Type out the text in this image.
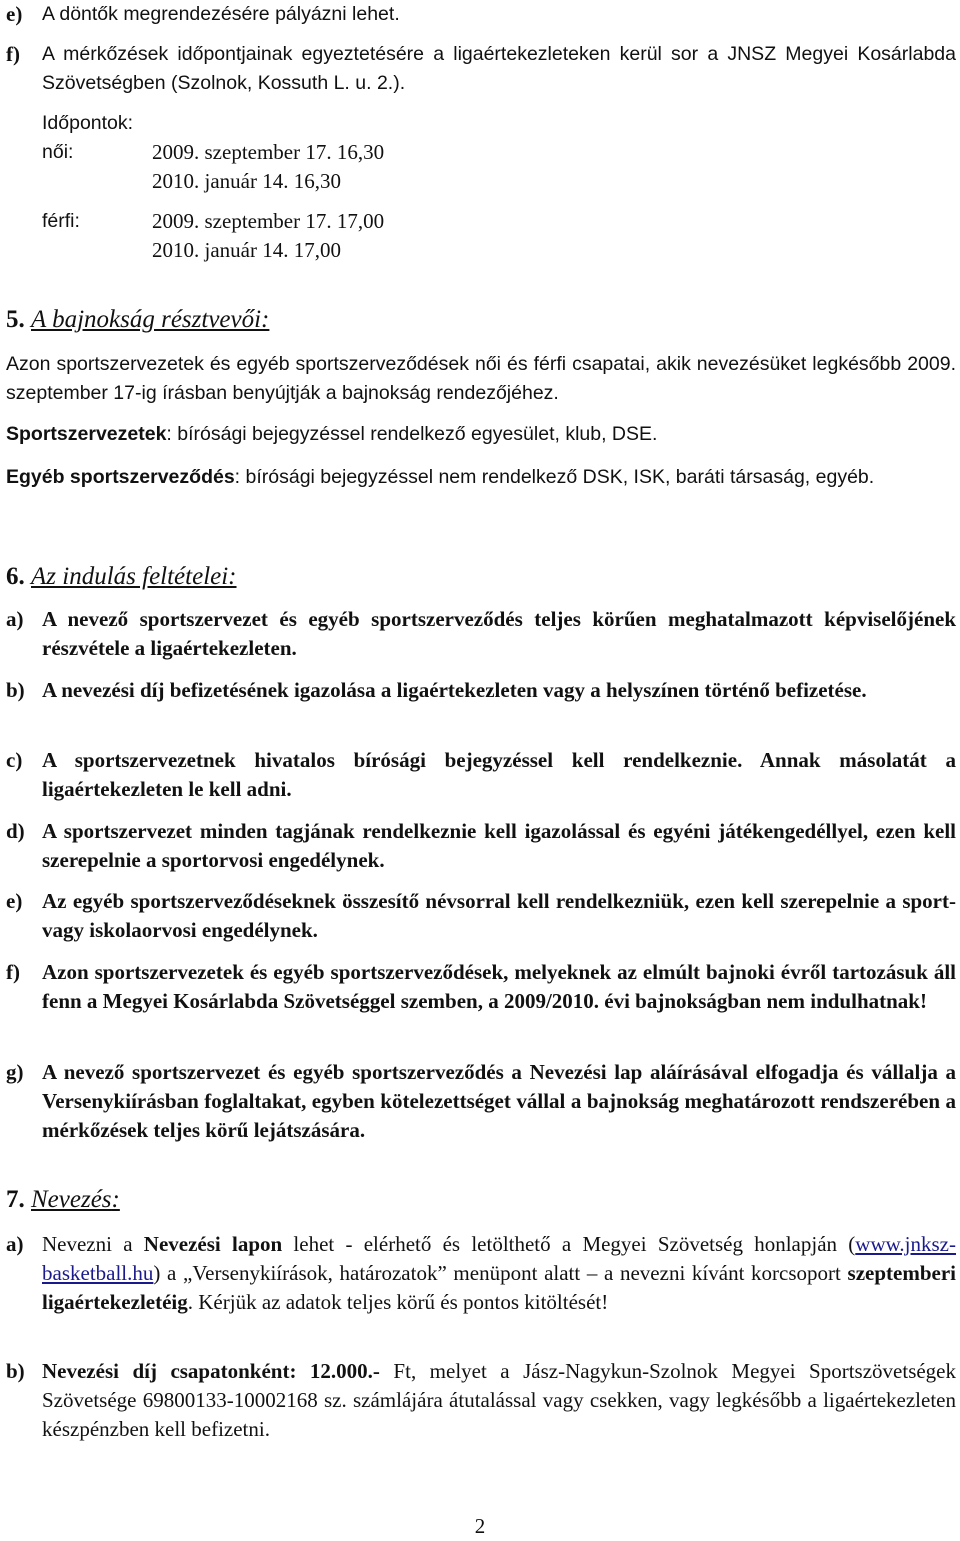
e)	A döntők megrendezésére pályázni lehet.
f)	A mérkőzések időpontjainak egyeztetésére a ligaértekezleteken kerül sor a JNSZ Megyei Kosárlabda Szövetségben (Szolnok, Kossuth L. u. 2.).
Időpontok:
női:	2009. szeptember 17. 16,30
2010. január 14. 16,30
férfi:	2009. szeptember 17. 17,00
2010. január 14. 17,00
5. A bajnokság résztvevői:
Azon sportszervezetek és egyéb sportszerveződések női és férfi csapatai, akik nevezésüket legkésőbb 2009. szeptember 17-ig írásban benyújtják a bajnokság rendezőjéhez.
Sportszervezetek: bírósági bejegyzéssel rendelkező egyesület, klub, DSE.
Egyéb sportszerveződés: bírósági bejegyzéssel nem rendelkező DSK, ISK, baráti társaság, egyéb.
6. Az indulás feltételei:
a) A nevező sportszervezet és egyéb sportszerveződés teljes körűen meghatalmazott képviselőjének részvétele a ligaértekezleten.
b) A nevezési díj befizetésének igazolása a ligaértekezleten vagy a helyszínen történő befizetése.
c) A sportszervezetnek hivatalos bírósági bejegyzéssel kell rendelkeznie. Annak másolatát a ligaértekezleten le kell adni.
d) A sportszervezet minden tagjának rendelkeznie kell igazolással és egyéni játékengedéllyel, ezen kell szerepelnie a sportorvosi engedélynek.
e) Az egyéb sportszerveződéseknek összesítő névsorral kell rendelkezniük, ezen kell szerepelnie a sport- vagy iskolaorvosi engedélynek.
f)	Azon sportszervezetek és egyéb sportszerveződések, melyeknek az elmúlt bajnoki évről tartozásuk áll fenn a Megyei Kosárlabda Szövetséggel szemben, a 2009/2010. évi bajnokságban nem indulhatnak!
g) A nevező sportszervezet és egyéb sportszerveződés a Nevezési lap aláírásával elfogadja és vállalja a Versenykiírásban foglaltakat, egyben kötelezettséget vállal a bajnokság meghatározott rendszerében a mérkőzések teljes körű lejátszására.
7. Nevezés:
a) Nevezni a Nevezési lapon lehet - elérhető és letölthető a Megyei Szövetség honlapján (www.jnksz-basketball.hu) a „Versenykiírások, határozatok” menüpont alatt – a nevezni kívánt korcsoport szeptemberi ligaértekezletéig. Kérjük az adatok teljes körű és pontos kitöltését!
b) Nevezési díj csapatonként: 12.000.- Ft, melyet a Jász-Nagykun-Szolnok Megyei Sportszövetségek Szövetsége 69800133-10002168 sz. számlájára átutalással vagy csekken, vagy legkésőbb a ligaértekezleten készpénzben kell befizetni.
2
